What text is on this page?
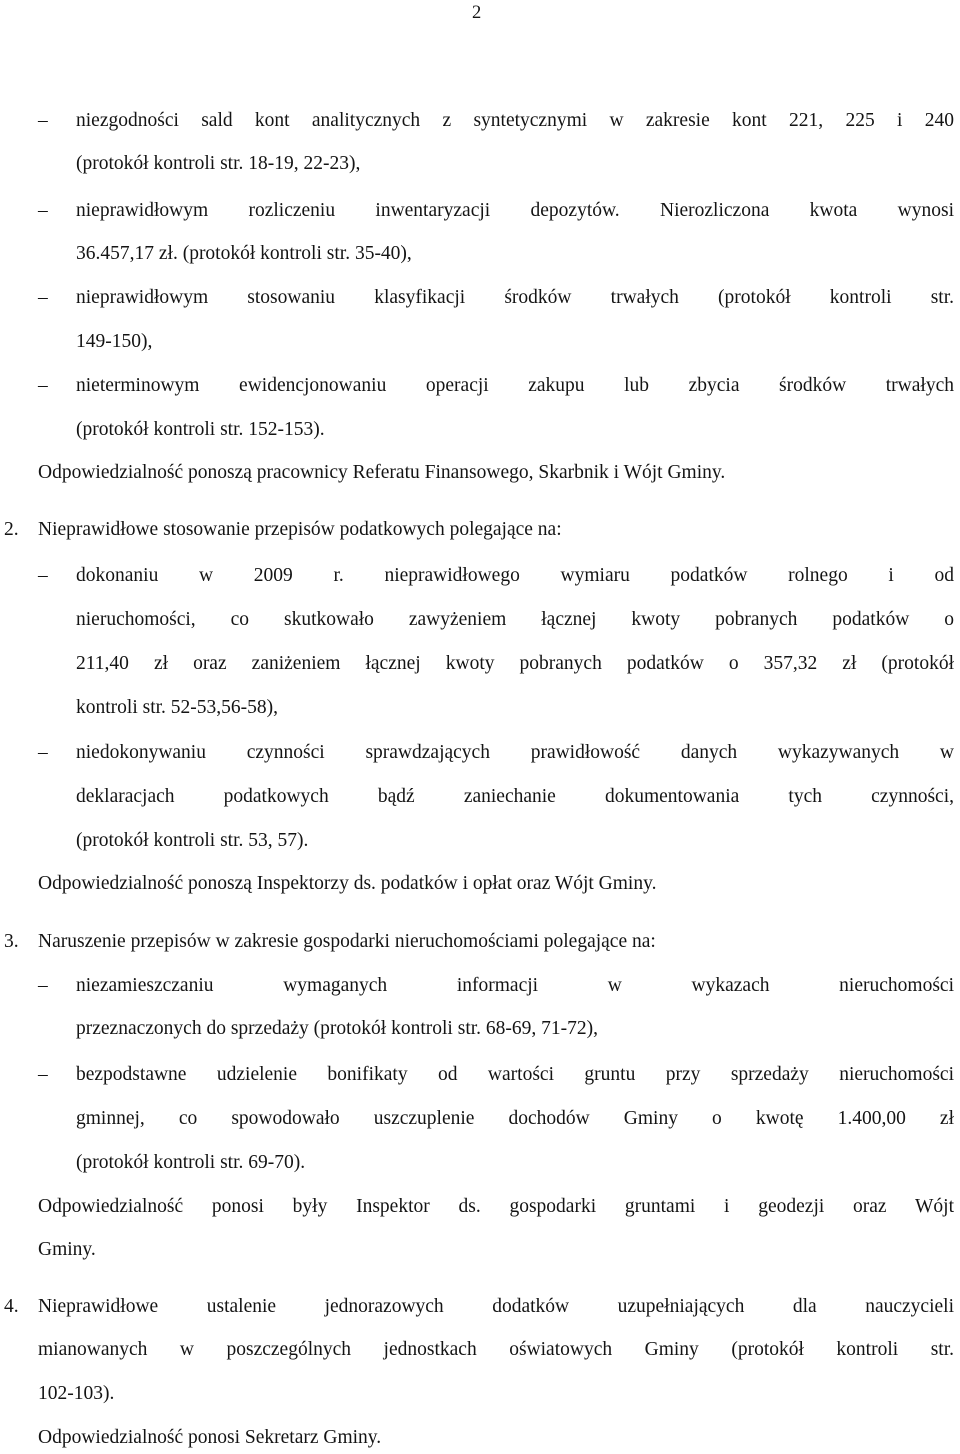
2
– niezgodności sald kont analitycznych z syntetycznymi w zakresie kont 221, 225 i 240
(protokół kontroli str. 18-19, 22-23),
– nieprawidłowym rozliczeniu inwentaryzacji depozytów. Nierozliczona kwota wynosi
36.457,17 zł. (protokół kontroli str. 35-40),
– nieprawidłowym stosowaniu klasyfikacji środków trwałych (protokół kontroli str.
149-150),
– nieterminowym ewidencjonowaniu operacji zakupu lub zbycia środków trwałych
(protokół kontroli str. 152-153).
Odpowiedzialność ponoszą pracownicy Referatu Finansowego, Skarbnik i Wójt Gminy.
2. Nieprawidłowe stosowanie przepisów podatkowych polegające na:
– dokonaniu w 2009 r. nieprawidłowego wymiaru podatków rolnego i od
nieruchomości, co skutkowało zawyżeniem łącznej kwoty pobranych podatków o
211,40 zł oraz zaniżeniem łącznej kwoty pobranych podatków o 357,32 zł (protokół
kontroli str. 52-53,56-58),
– niedokonywaniu czynności sprawdzających prawidłowość danych wykazywanych w
deklaracjach podatkowych bądź zaniechanie dokumentowania tych czynności,
(protokół kontroli str. 53, 57).
Odpowiedzialność ponoszą Inspektorzy ds. podatków i opłat oraz Wójt Gminy.
3. Naruszenie przepisów w zakresie gospodarki nieruchomościami polegające na:
– niezamieszczaniu wymaganych informacji w wykazach nieruchomości
przeznaczonych do sprzedaży (protokół kontroli str. 68-69, 71-72),
– bezpodstawne udzielenie bonifikaty od wartości gruntu przy sprzedaży nieruchomości
gminnej, co spowodowało uszczuplenie dochodów Gminy o kwotę 1.400,00 zł
(protokół kontroli str. 69-70).
Odpowiedzialność ponosi były Inspektor ds. gospodarki gruntami i geodezji oraz Wójt
Gminy.
4. Nieprawidłowe ustalenie jednorazowych dodatków uzupełniających dla nauczycieli
mianowanych w poszczególnych jednostkach oświatowych Gminy (protokół kontroli str.
102-103).
Odpowiedzialność ponosi Sekretarz Gminy.
